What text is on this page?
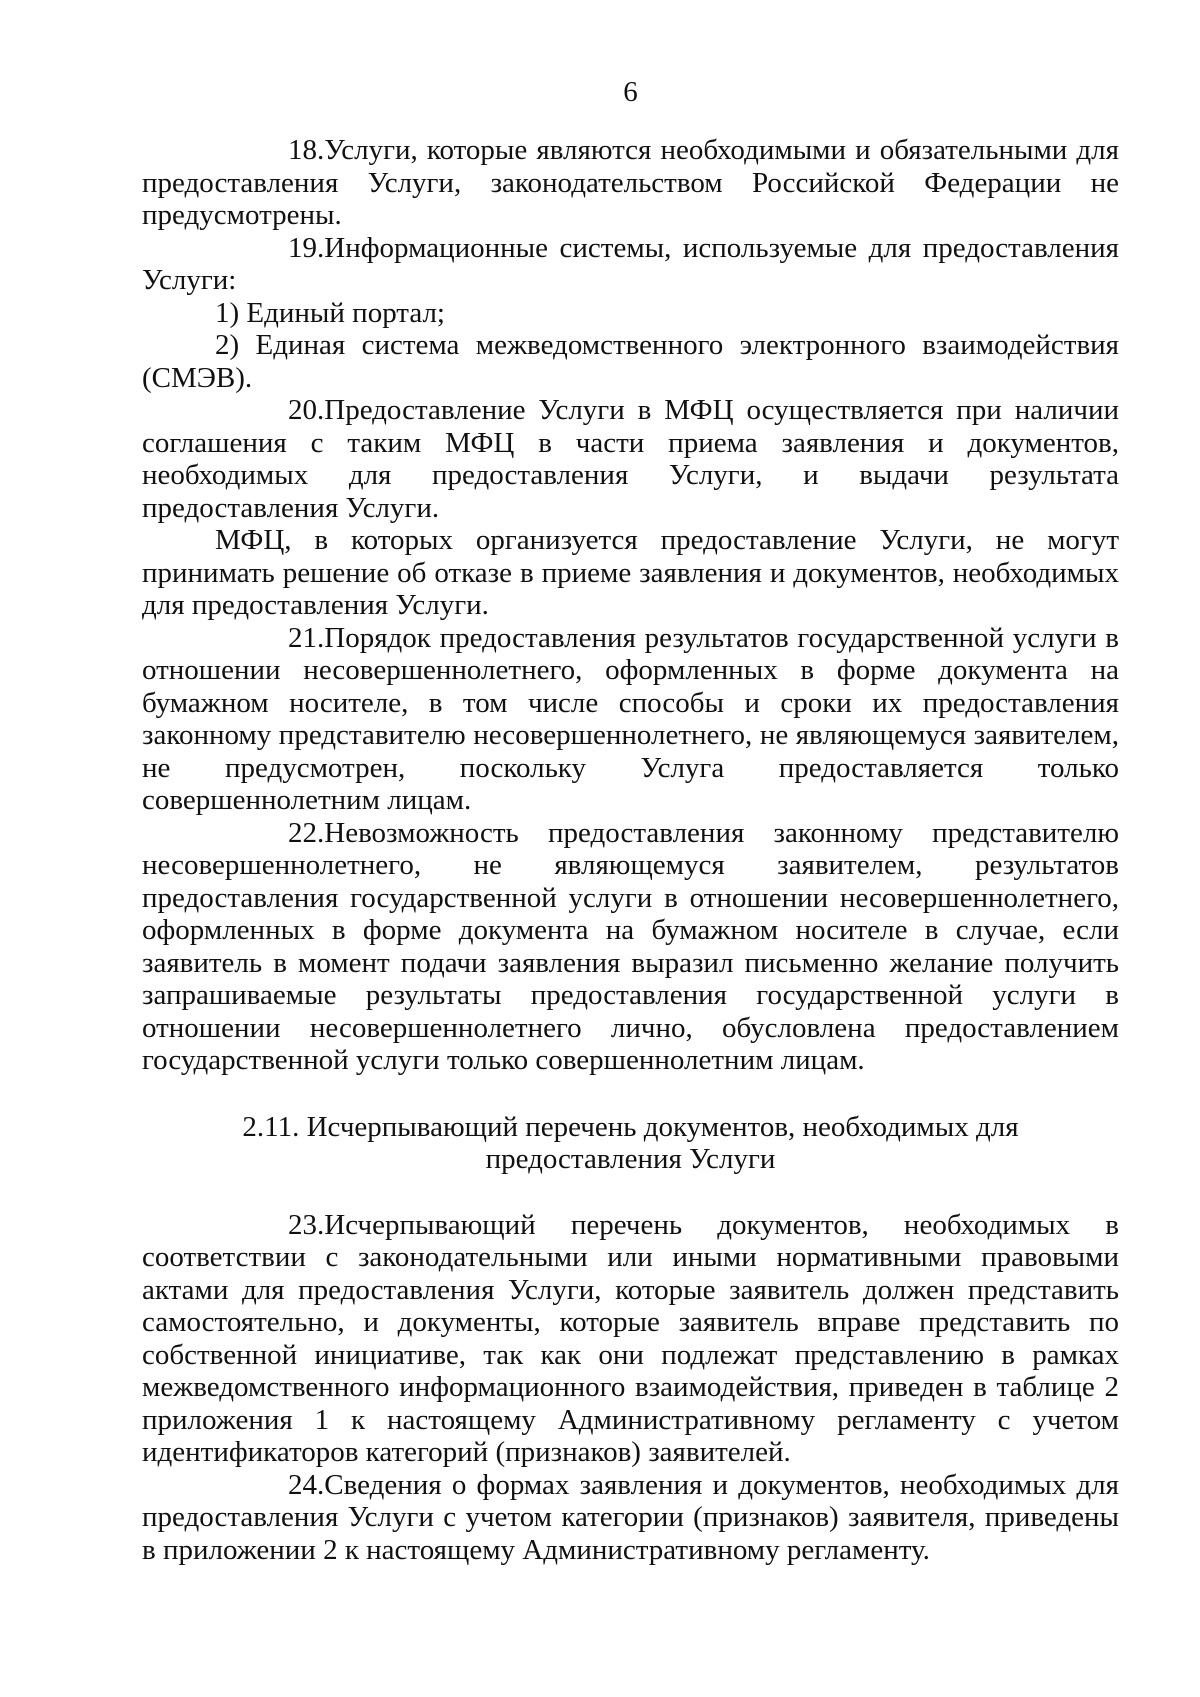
6

18.Услуги, которые являются необходимыми и обязательными для предоставления Услуги, законодательством Российской Федерации не предусмотрены.

19.Информационные системы, используемые для предоставления Услуги:

1) Единый портал;

2) Единая система межведомственного электронного взаимодействия (СМЭВ).

20.Предоставление Услуги в МФЦ осуществляется при наличии соглашения с таким МФЦ в части приема заявления и документов, необходимых для предоставления Услуги, и выдачи результата предоставления Услуги.

МФЦ, в которых организуется предоставление Услуги, не могут принимать решение об отказе в приеме заявления и документов, необходимых для предоставления Услуги.

21.Порядок предоставления результатов государственной услуги в отношении несовершеннолетнего, оформленных в форме документа на бумажном носителе, в том числе способы и сроки их предоставления законному представителю несовершеннолетнего, не являющемуся заявителем, не предусмотрен, поскольку Услуга предоставляется только совершеннолетним лицам.

22.Невозможность предоставления законному представителю несовершеннолетнего, не являющемуся заявителем, результатов предоставления государственной услуги в отношении несовершеннолетнего, оформленных в форме документа на бумажном носителе в случае, если заявитель в момент подачи заявления выразил письменно желание получить запрашиваемые результаты предоставления государственной услуги в отношении несовершеннолетнего лично, обусловлена предоставлением государственной услуги только совершеннолетним лицам.

2.11. Исчерпывающий перечень документов, необходимых для предоставления Услуги

23.Исчерпывающий перечень документов, необходимых в соответствии с законодательными или иными нормативными правовыми актами для предоставления Услуги, которые заявитель должен представить самостоятельно, и документы, которые заявитель вправе представить по собственной инициативе, так как они подлежат представлению в рамках межведомственного информационного взаимодействия, приведен в таблице 2 приложения 1 к настоящему Административному регламенту с учетом идентификаторов категорий (признаков) заявителей.

24.Сведения о формах заявления и документов, необходимых для предоставления Услуги с учетом категории (признаков) заявителя, приведены в приложении 2 к настоящему Административному регламенту.
